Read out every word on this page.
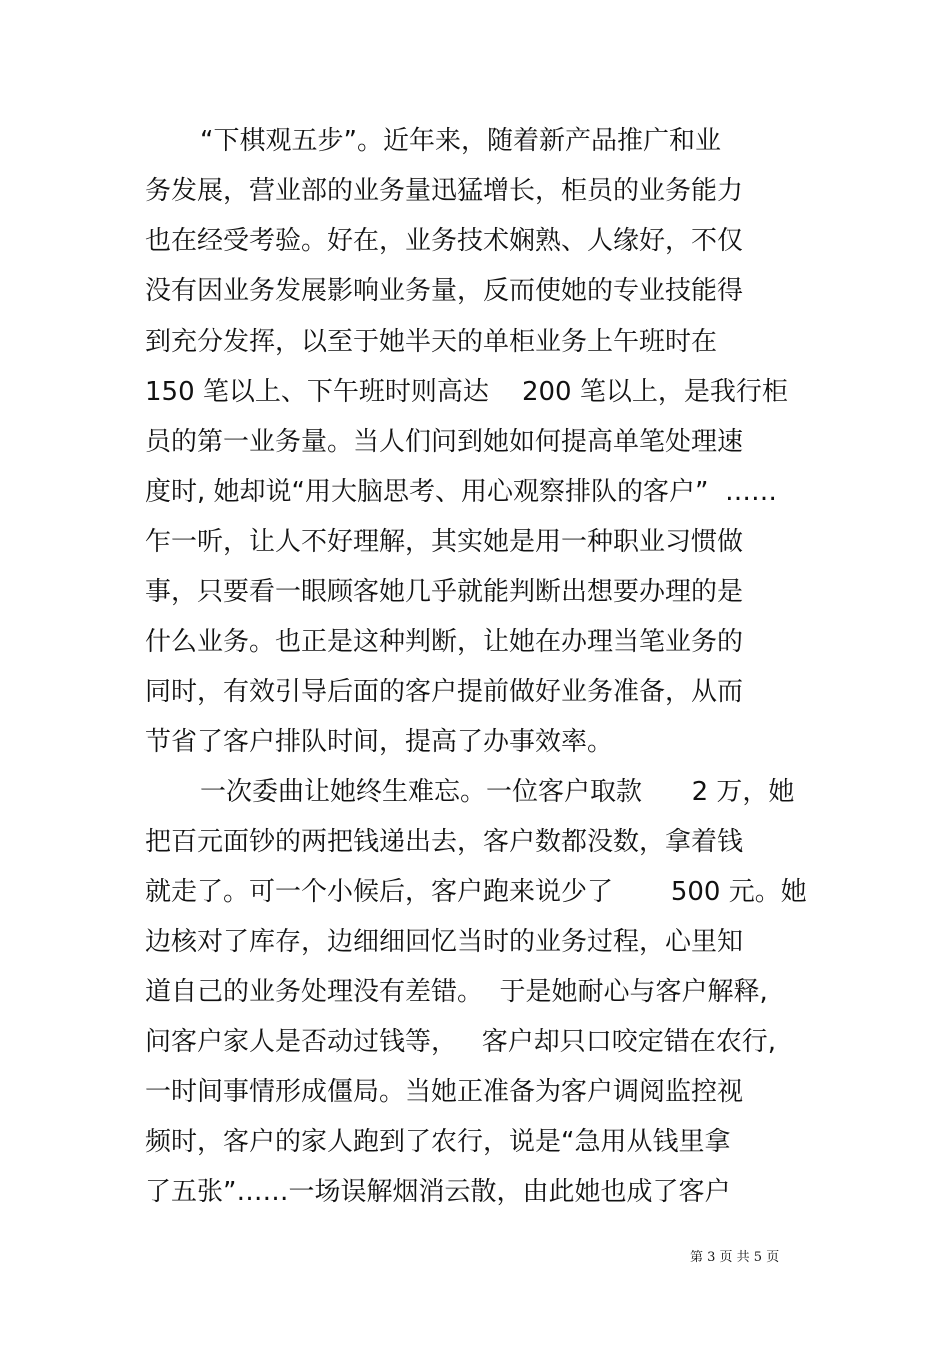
“下棋观五步”。近年来，随着新产品推广和业
务发展，营业部的业务量迅猛增长，柜员的业务能力
也在经受考验。好在，业务技术娴熟、人缘好，不仅
没有因业务发展影响业务量，反而使她的专业技能得
到充分发挥，以至于她半天的单柜业务上午班时在
150 笔以上、下午班时则高达    200 笔以上，是我行柜
员的第一业务量。当人们问到她如何提高单笔处理速
度时, 她却说“用大脑思考、用心观察排队的客户”  ……
乍一听，让人不好理解，其实她是用一种职业习惯做
事，只要看一眼顾客她几乎就能判断出想要办理的是
什么业务。也正是这种判断，让她在办理当笔业务的
同时，有效引导后面的客户提前做好业务准备，从而
节省了客户排队时间，提高了办事效率。
一次委曲让她终生难忘。一位客户取款      2 万，她
把百元面钞的两把钱递出去，客户数都没数，拿着钱
就走了。可一个小候后，客户跑来说少了       500 元。她
边核对了库存，边细细回忆当时的业务过程，心里知
道自己的业务处理没有差错。  于是她耐心与客户解释,
问客户家人是否动过钱等，   客户却只口咬定错在农行,
一时间事情形成僵局。当她正准备为客户调阅监控视
频时，客户的家人跑到了农行，说是“急用从钱里拿
了五张”……一场误解烟消云散，由此她也成了客户
第 3 页 共 5 页
